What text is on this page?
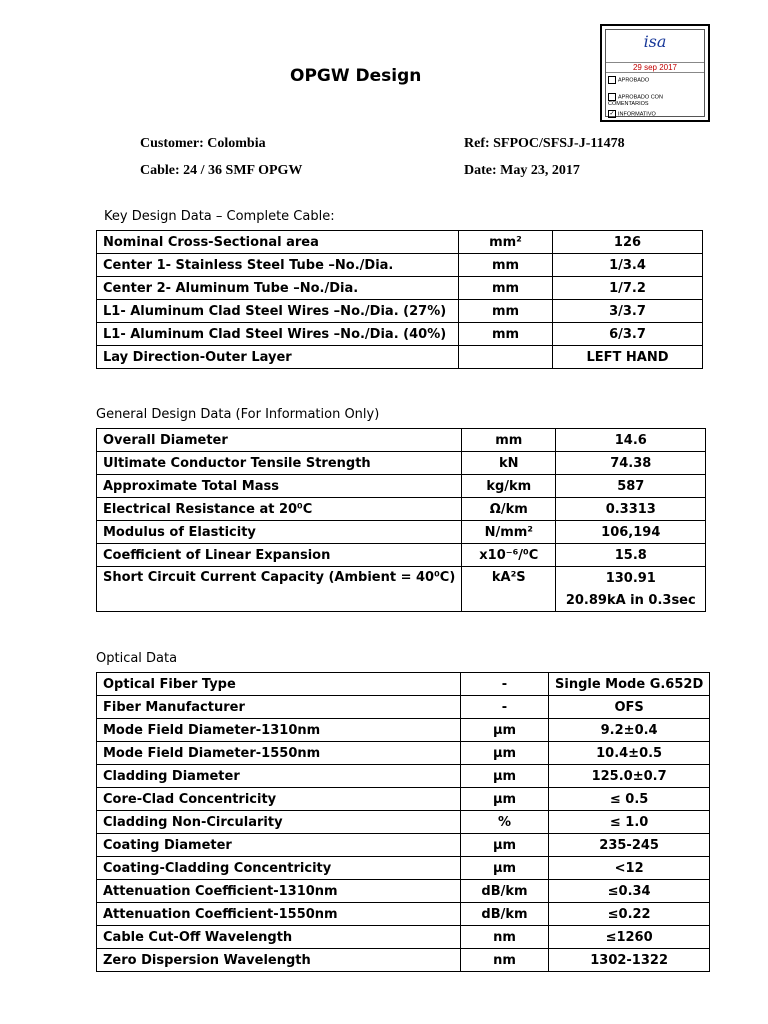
isa
29 sep 2017
APROBADO
APROBADO CON COMENTARIOS
✓ INFORMATIVO
OPGW Design
Customer: Colombia
Cable: 24 / 36 SMF OPGW
Ref: SFPOC/SFSJ-J-11478
Date: May 23, 2017
Key Design Data – Complete Cable:
Nominal Cross-Sectional area	mm²	126
Center 1- Stainless Steel Tube –No./Dia.	mm	1/3.4
Center 2- Aluminum Tube –No./Dia.	mm	1/7.2
L1- Aluminum Clad Steel Wires –No./Dia. (27%)	mm	3/3.7
L1- Aluminum Clad Steel Wires –No./Dia. (40%)	mm	6/3.7
Lay Direction-Outer Layer		LEFT HAND
General Design Data (For Information Only)
Overall Diameter	mm	14.6
Ultimate Conductor Tensile Strength	kN	74.38
Approximate Total Mass	kg/km	587
Electrical Resistance at 20⁰C	Ω/km	0.3313
Modulus of Elasticity	N/mm²	106,194
Coefficient of Linear Expansion	x10⁻⁶/⁰C	15.8
Short Circuit Current Capacity (Ambient = 40⁰C)	kA²S	130.91
		20.89kA in 0.3sec
Optical Data
Optical Fiber Type	-	Single Mode G.652D
Fiber Manufacturer	-	OFS
Mode Field Diameter-1310nm	μm	9.2±0.4
Mode Field Diameter-1550nm	μm	10.4±0.5
Cladding Diameter	μm	125.0±0.7
Core-Clad Concentricity	μm	≤ 0.5
Cladding Non-Circularity	%	≤ 1.0
Coating Diameter	μm	235-245
Coating-Cladding Concentricity	μm	<12
Attenuation Coefficient-1310nm	dB/km	≤0.34
Attenuation Coefficient-1550nm	dB/km	≤0.22
Cable Cut-Off Wavelength	nm	≤1260
Zero Dispersion Wavelength	nm	1302-1322
